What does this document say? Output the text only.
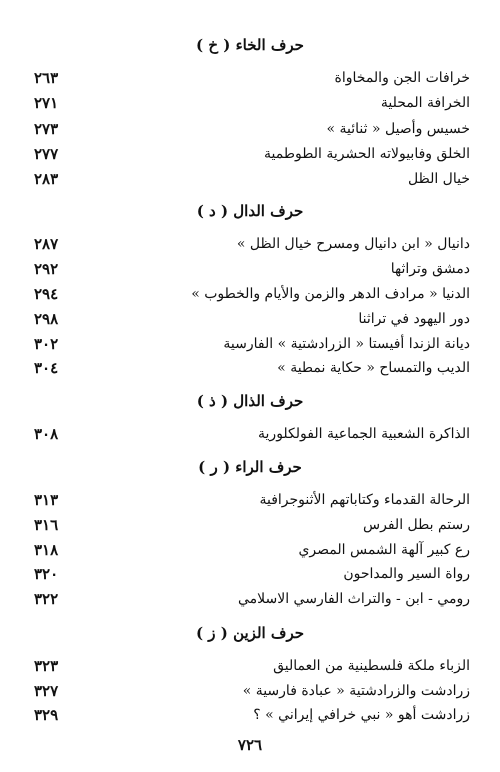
حرف الخاء ( خ )
٢٦٣	خرافات الجن والمخاواة
٢٧١	الخرافة المحلية
٢٧٣	خسيس وأصيل « ثنائية »
٢٧٧	الخلق وفابيولاته الحشرية الطوطمية
٢٨٣	خيال الظل
حرف الدال ( د )
٢٨٧	دانيال « ابن دانيال ومسرح خيال الظل »
٢٩٢	دمشق وتراثها
٢٩٤	الدنيا « مرادف الدهر والزمن والأيام والخطوب »
٢٩٨	دور اليهود في تراثنا
٣٠٢	ديانة الزندا أفيستا « الزرادشتية » الفارسية
٣٠٤	الديب والتمساح « حكاية نمطية »
حرف الذال ( ذ )
٣٠٨	الذاكرة الشعبية الجماعية الفولكلورية
حرف الراء ( ر )
٣١٣	الرحالة القدماء وكتاباتهم الأثنوجرافية
٣١٦	رستم بطل الفرس
٣١٨	رع كبير آلهة الشمس المصري
٣٢٠	رواة السير والمداحون
٣٢٢	رومي - ابن - والتراث الفارسي الاسلامي
حرف الزين ( ز )
٣٢٣	الزباء ملكة فلسطينية من العماليق
٣٢٧	زرادشت والزرادشتية « عبادة فارسية »
٣٢٩	زرادشت أهو « نبي خرافي إيراني » ؟
٧٢٦
